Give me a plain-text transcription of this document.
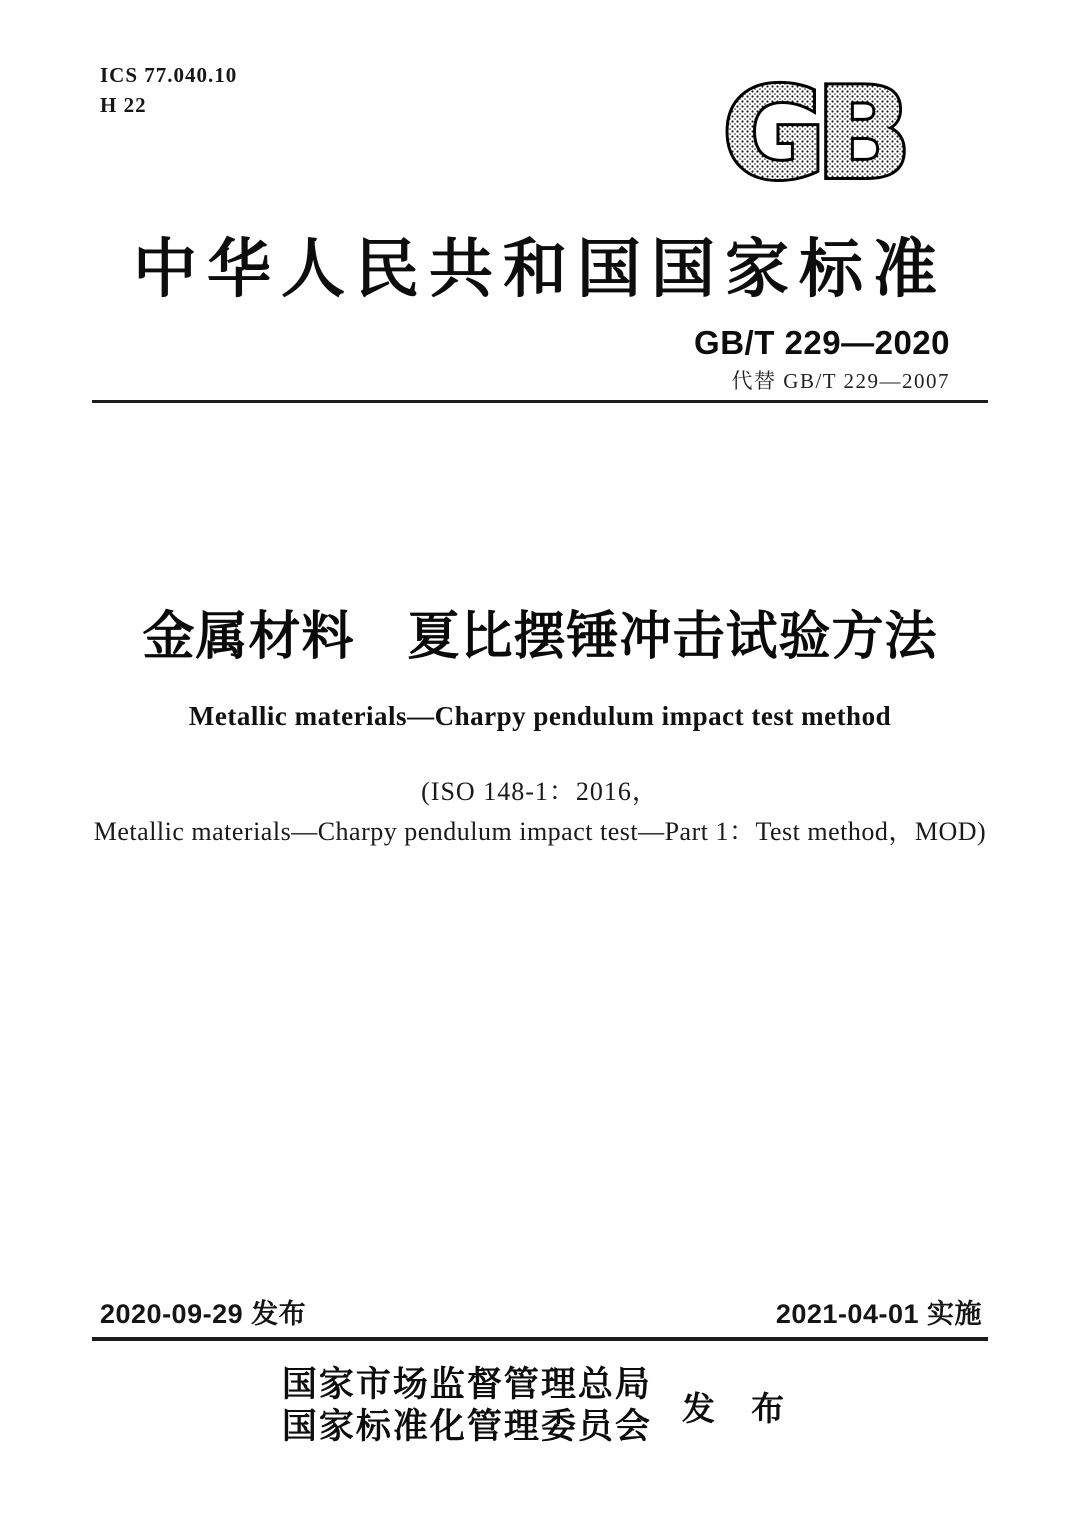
ICS 77.040.10
H 22	GB
中华人民共和国国家标准
GB/T 229—2020
代替 GB/T 229—2007
金属材料　夏比摆锤冲击试验方法
Metallic materials—Charpy pendulum impact test method
(ISO 148-1：2016，
Metallic materials—Charpy pendulum impact test—Part 1：Test method，MOD)
2020-09-29 发布	2021-04-01 实施
国家市场监督管理总局
国家标准化管理委员会 发 布
